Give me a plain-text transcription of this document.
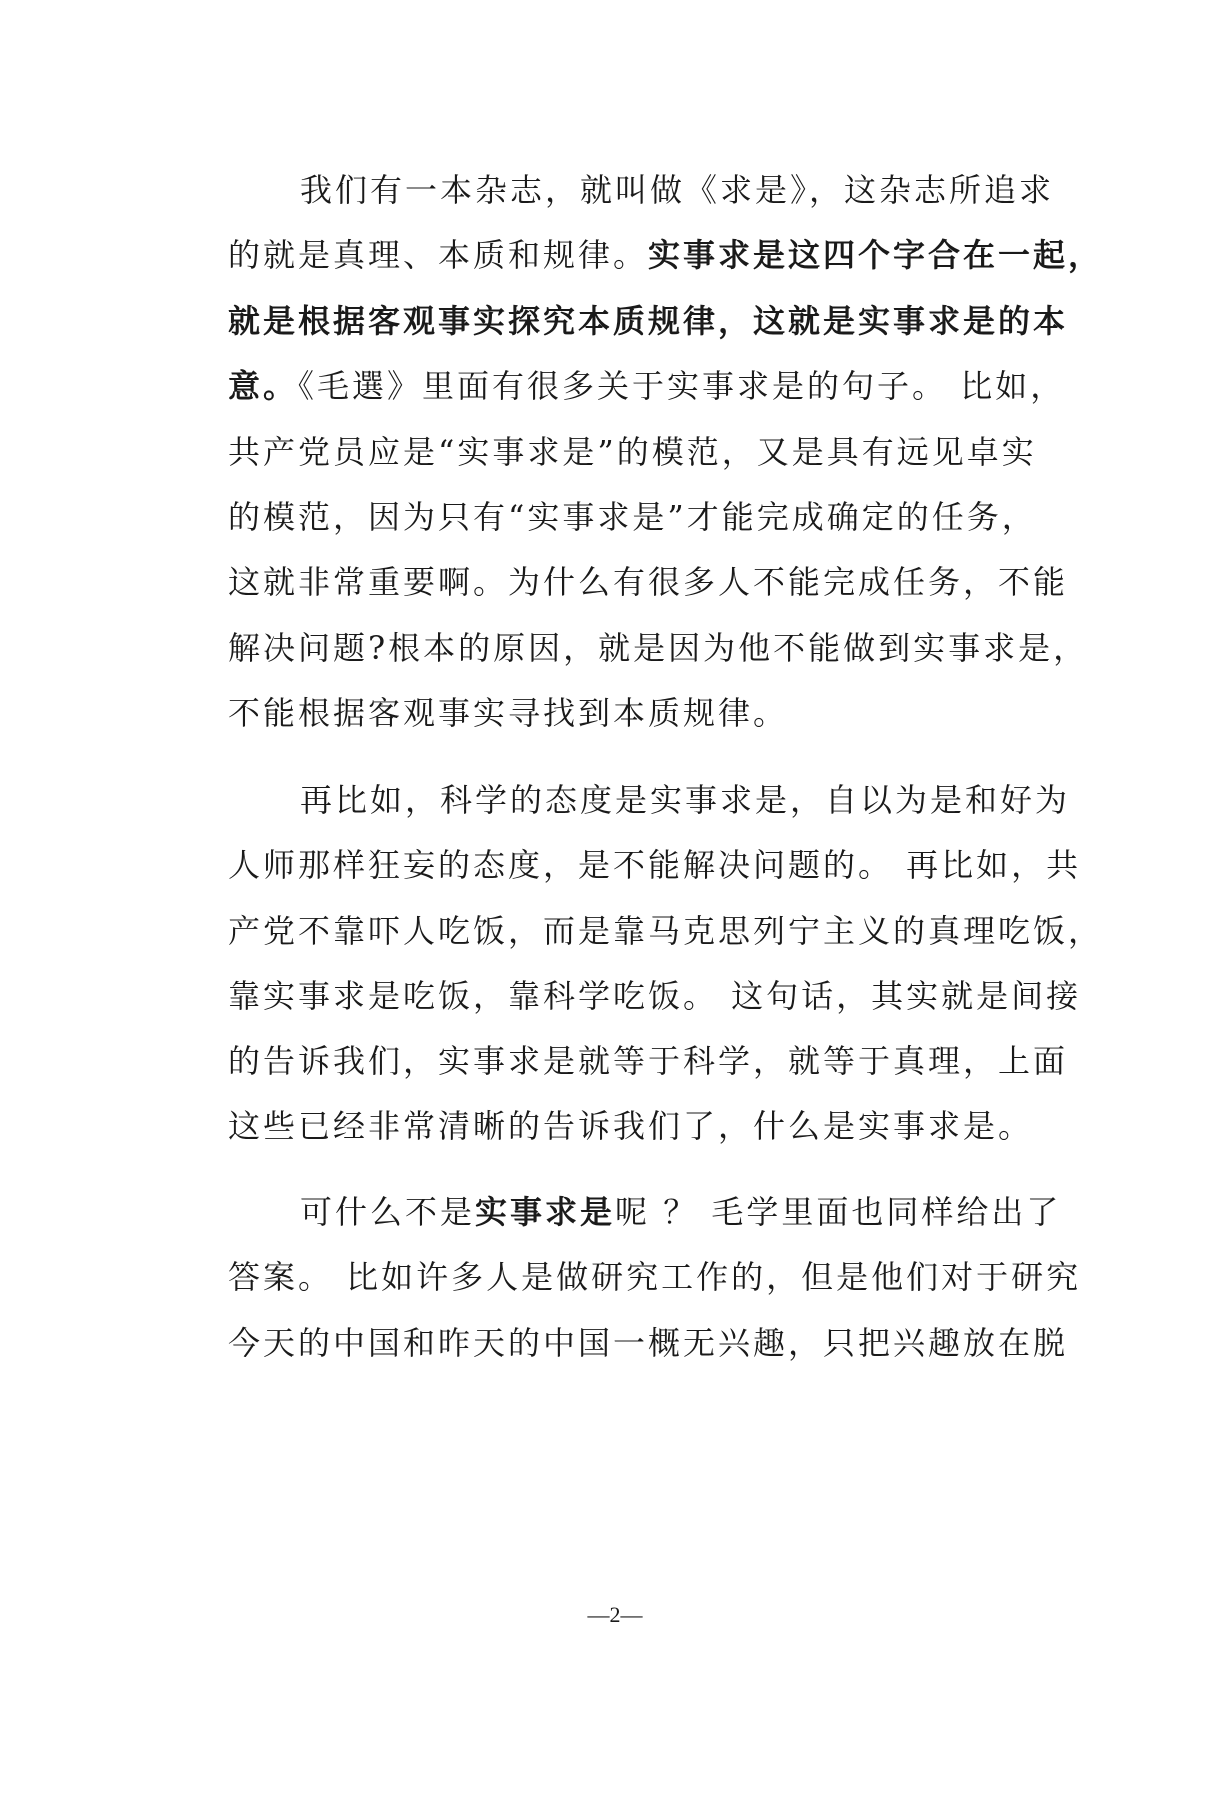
我们有一本杂志，就叫做《求是》，这杂志所追求
的就是真理、本质和规律。实事求是这四个字合在一起，
就是根据客观事实探究本质规律，这就是实事求是的本
意。《毛選》里面有很多关于实事求是的句子。 比如，
共产党员应是“实事求是”的模范，又是具有远见卓实
的模范，因为只有“实事求是”才能完成确定的任务，
这就非常重要啊。为什么有很多人不能完成任务，不能
解决问题?根本的原因，就是因为他不能做到实事求是，
不能根据客观事实寻找到本质规律。
再比如，科学的态度是实事求是，自以为是和好为
人师那样狂妄的态度，是不能解决问题的。 再比如，共
产党不靠吓人吃饭，而是靠马克思列宁主义的真理吃饭，
靠实事求是吃饭，靠科学吃饭。 这句话，其实就是间接
的告诉我们，实事求是就等于科学，就等于真理，上面
这些已经非常清晰的告诉我们了，什么是实事求是。
可什么不是实事求是呢 ？ 毛学里面也同样给出了
答案。 比如许多人是做研究工作的，但是他们对于研究
今天的中国和昨天的中国一概无兴趣，只把兴趣放在脱
—2—
